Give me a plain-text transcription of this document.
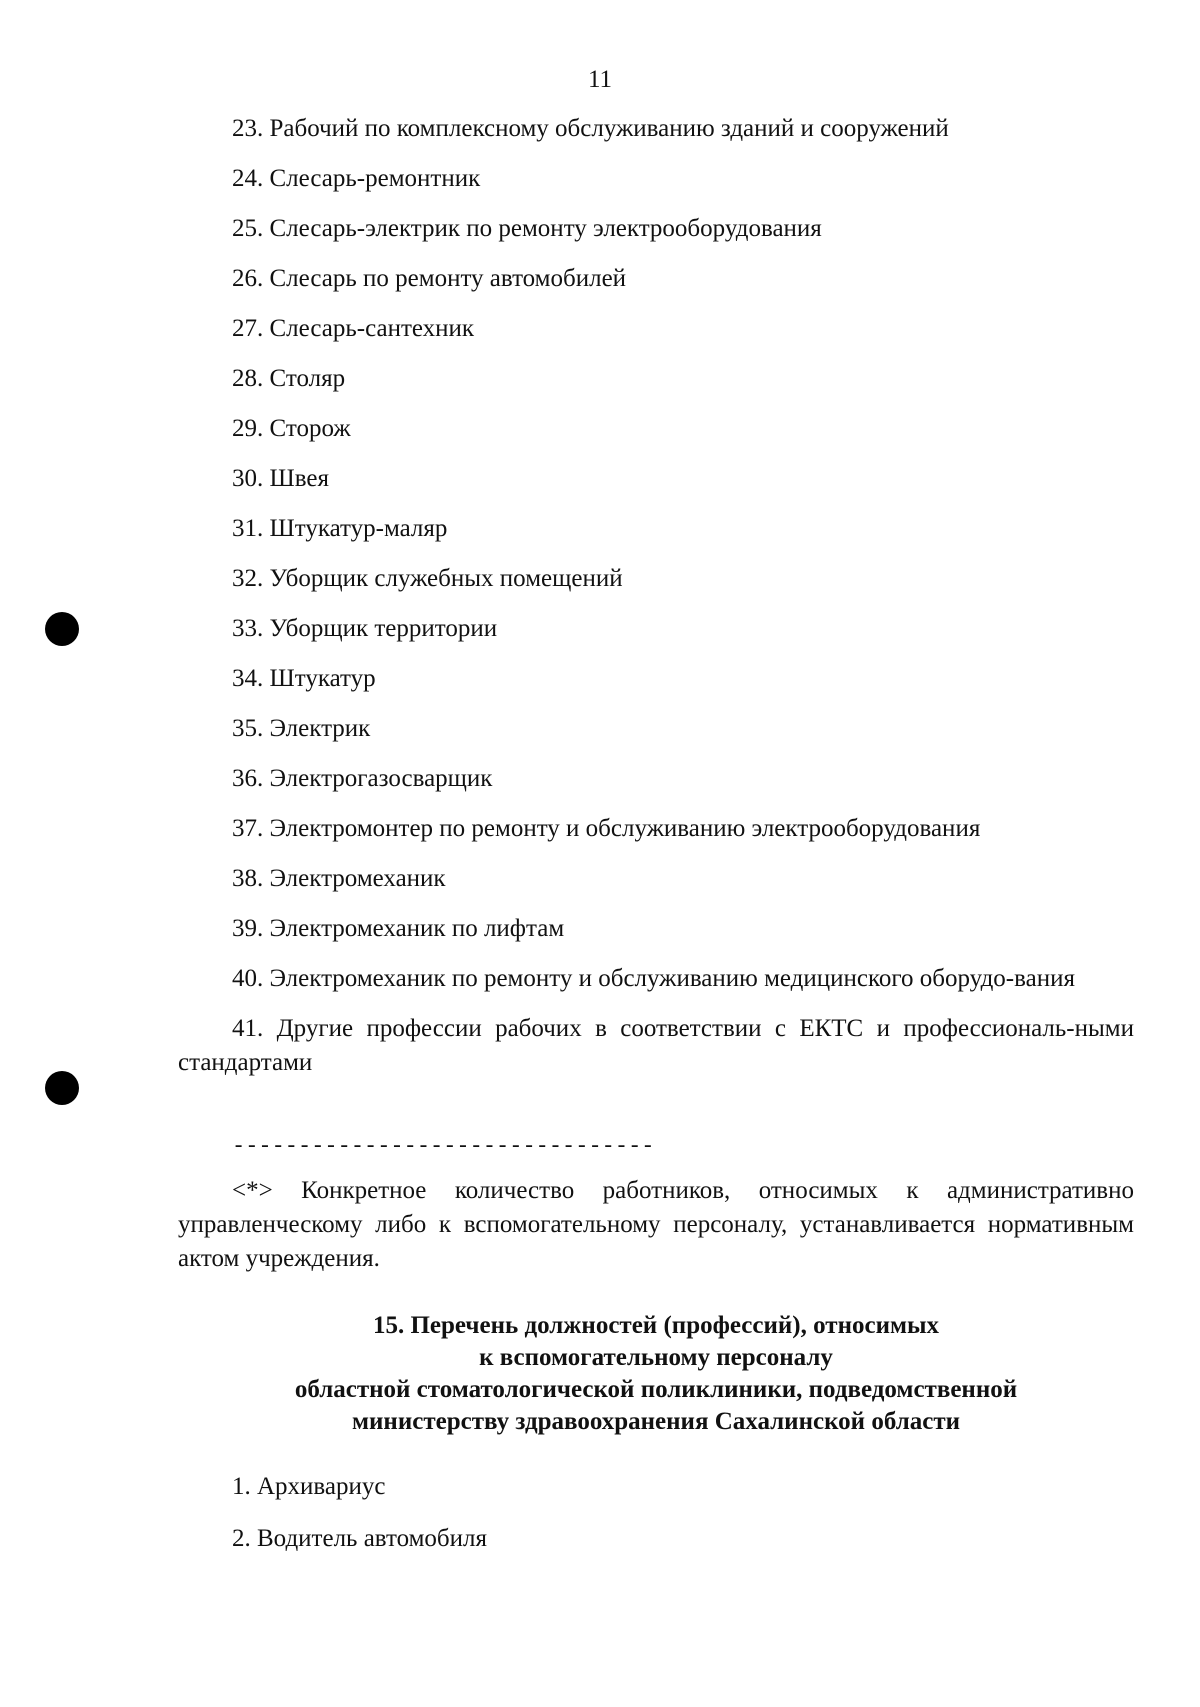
11

23. Рабочий по комплексному обслуживанию зданий и сооружений

24. Слесарь-ремонтник

25. Слесарь-электрик по ремонту электрооборудования

26. Слесарь по ремонту автомобилей

27. Слесарь-сантехник

28. Столяр

29. Сторож

30. Швея

31. Штукатур-маляр

32. Уборщик служебных помещений

33. Уборщик территории

34. Штукатур

35. Электрик

36. Электрогазосварщик

37. Электромонтер по ремонту и обслуживанию электрооборудования

38. Электромеханик

39. Электромеханик по лифтам

40. Электромеханик по ремонту и обслуживанию медицинского оборудо-вания

41. Другие профессии рабочих в соответствии с ЕКТС и профессиональ-ными стандартами

--------------------------------

<*> Конкретное количество работников, относимых к административно управленческому либо к вспомогательному персоналу, устанавливается нормативным актом учреждения.

15. Перечень должностей (профессий), относимых
к вспомогательному персоналу
областной стоматологической поликлиники, подведомственной
министерству здравоохранения Сахалинской области

1. Архивариус

2. Водитель автомобиля
